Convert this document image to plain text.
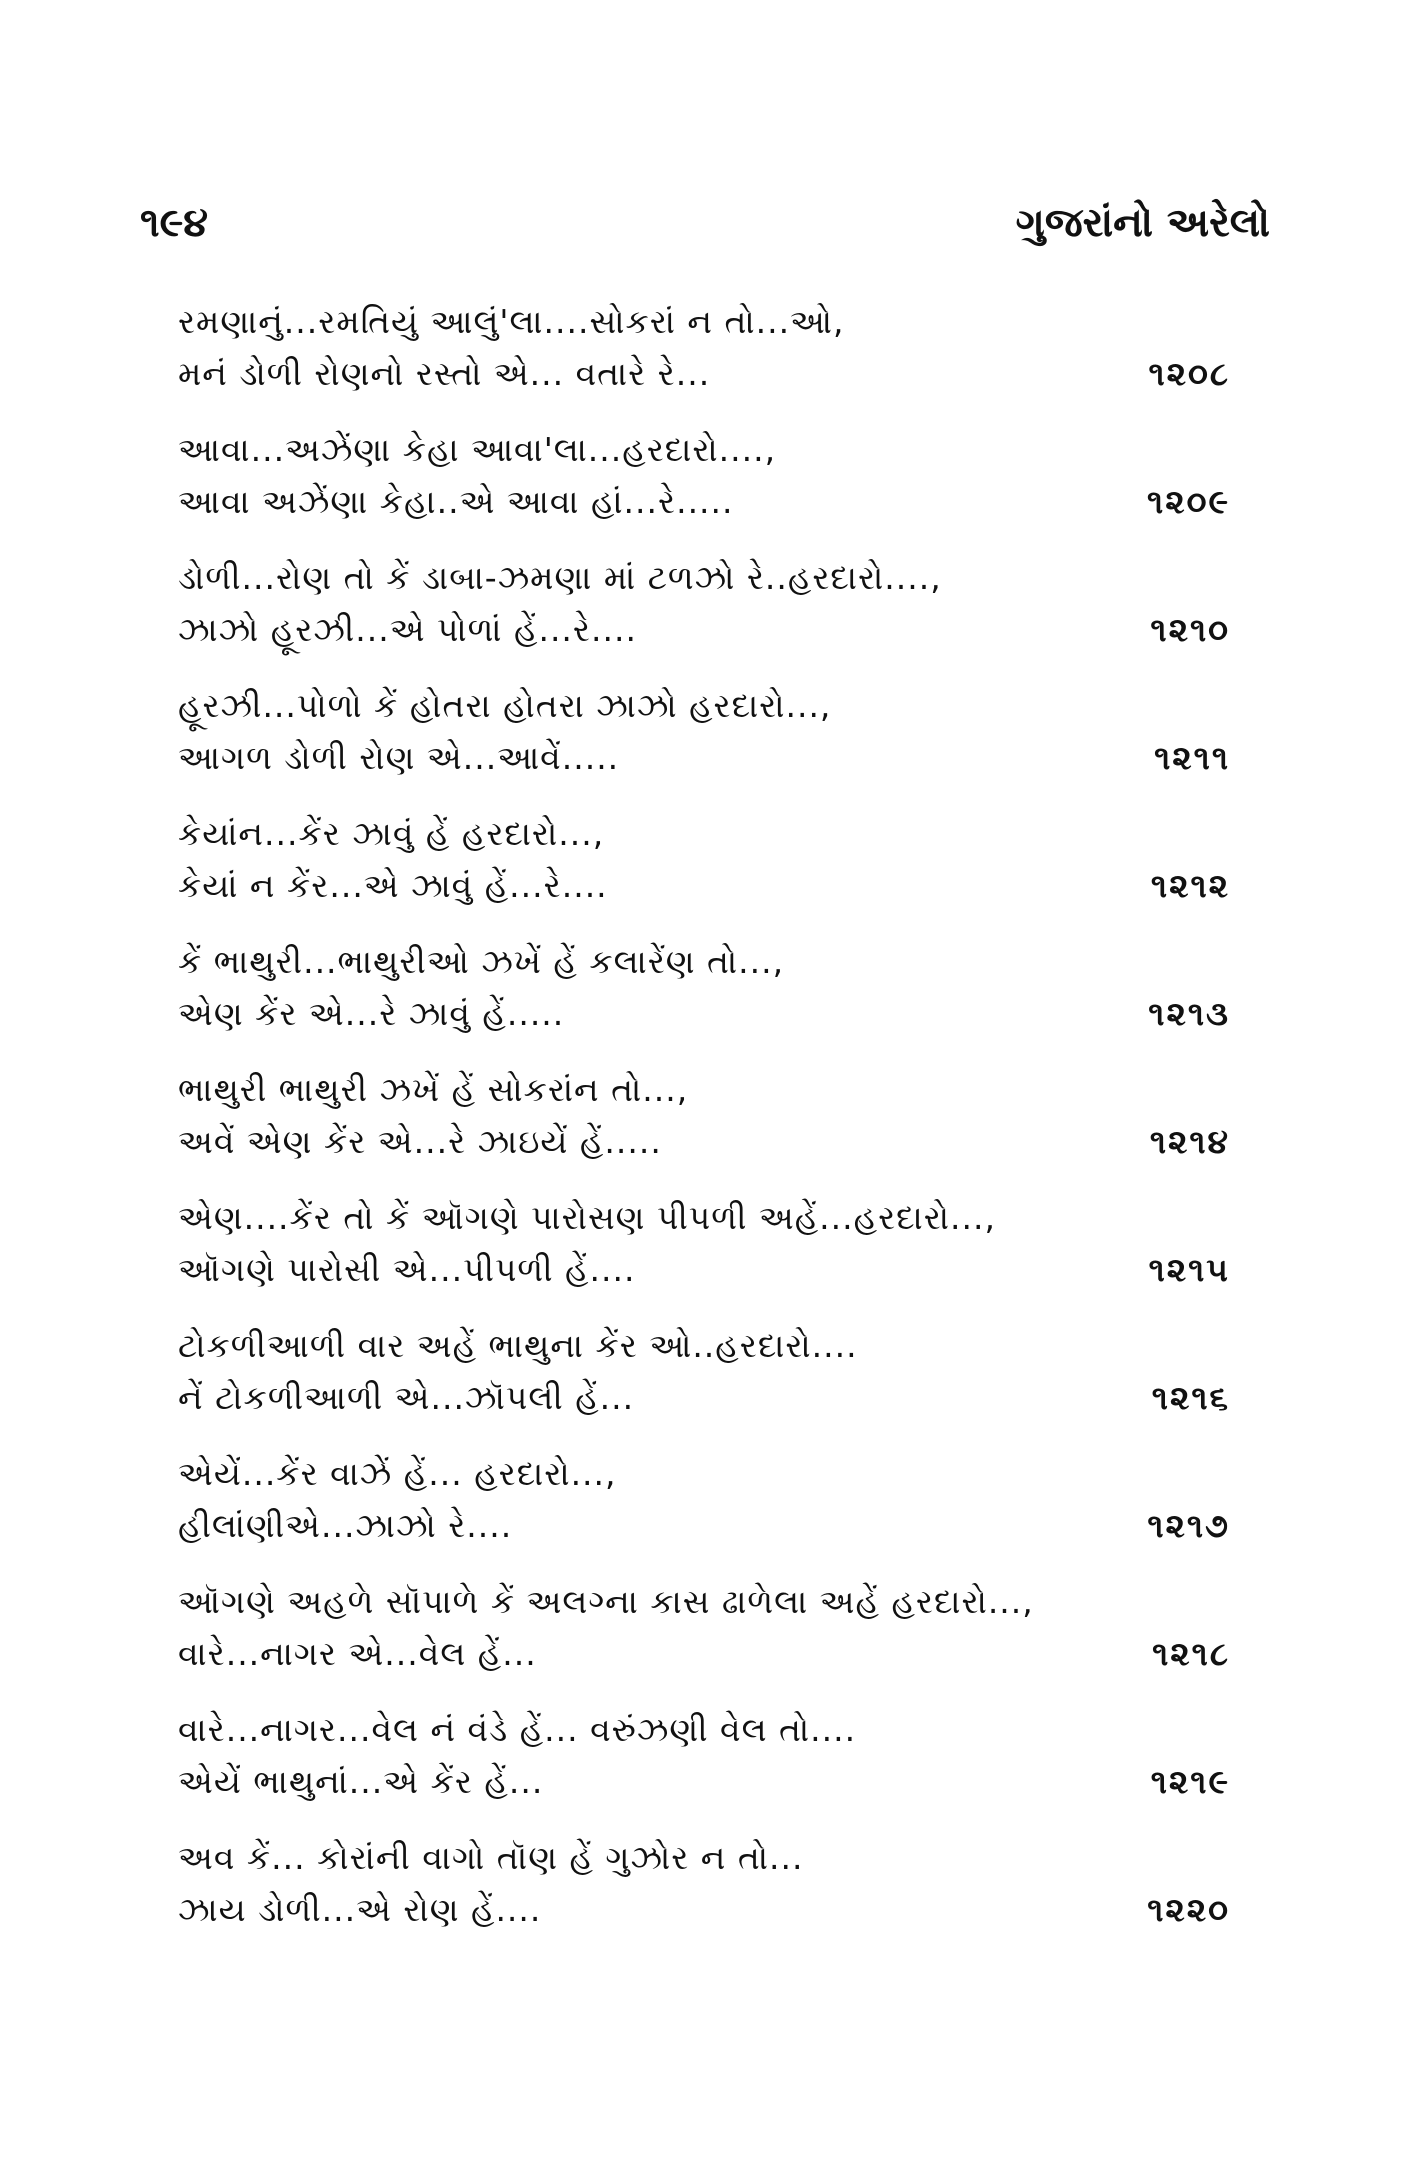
૧૯૪	ગુજરાંનો અરેલો
રમણાનું...રમતિયું આલું'લા....સોકરાં ન તો...ઓ,
મનં ડોળી રોણનો રસ્તો એ... વતારે રે...	૧૨૦૮
આવા...અઝેંણા કેહા આવા'લા...હરદારો....,
આવા અઝેંણા કેહા..એ આવા હાં...રે.....	૧૨૦૯
ડોળી...રોણ તો કેં ડાબા-ઝમણા માં ટળઝો રે..હરદારો....,
ઝાઝો હૂરઝી...એ પોળાં હેં...રે....	૧૨૧૦
હૂરઝી...પોળો કેં હોતરા હોતરા ઝાઝો હરદારો...,
આગળ ડોળી રોણ એ...આવેં.....	૧૨૧૧
કેયાંન...કેંર ઝાવું હેં હરદારો...,
કેયાં ન કેંર...એ ઝાવું હેં...રે....	૧૨૧૨
કેં ભાથુરી...ભાથુરીઓ ઝખેં હેં કલારેંણ તો...,
એણ કેંર એ...રે ઝાવું હેં.....	૧૨૧૩
ભાથુરી ભાથુરી ઝખેં હેં સોકરાંન તો...,
અવેં એણ કેંર એ...રે ઝાઇયેં હેં.....	૧૨૧૪
એણ....કેંર તો કેં ઑગણે પારોસણ પીપળી અહેં...હરદારો...,
ઑગણે પારોસી એ...પીપળી હેં....	૧૨૧૫
ટોકળીઆળી વાર અહેં ભાથુના કેંર ઓ..હરદારો....
નેં ટોકળીઆળી એ...ઝૉપલી હેં...	૧૨૧૬
એયેં...કેંર વાઝેં હેં... હરદારો...,
હીલાંણીએ...ઝાઝો રે....	૧૨૧૭
ઑગણે અહળે સૉપાળે કેં અલગ્ના કાસ ઢાળેલા અહેં હરદારો...,
વારે...નાગર એ...વેલ હેં...	૧૨૧૮
વારે...નાગર...વેલ નં વંડે હેં... વરુંઝણી વેલ તો....
એયેં ભાથુનાં...એ કેંર હેં...	૧૨૧૯
અવ કેં... કોરાંની વાગો તૉણ હેં ગુઝોર ન તો...
ઝાય ડોળી...એ રોણ હેં....	૧૨૨૦
